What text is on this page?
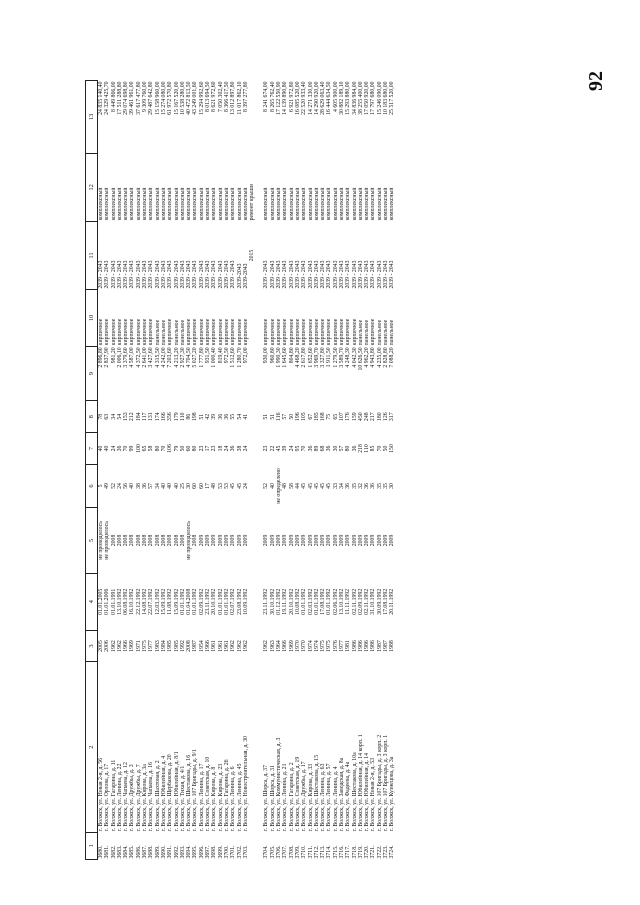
92
1	2	3	4	5	6	7	8	9	10	11	12	13
3680.	г. Волжск, ул. Новая 2-я, д. 56	2005	01.01.2005	не проводилось	5	40	78	2 896,80	кирпичное	2039 - 2043	комплексный	24 835 140,40
3681.	г. Волжск, ул. Орлова, д. 17	2006	01.01.2006	не проводилось	49	40	63	2 837,90	кирпичное	2039 - 2043	комплексный	24 329 425,70
3682.	г. Волжск, ул. Гагарина, д. 11	1962	01.01.1991	2008	52	24	34	981,20	кирпичное	2039 - 2043	комплексный	8 449 866,00
3683.	г. Волжск, ул. Ленина, д. 22	1962	13.10.1992	2008	24	36	54	2 006,10	кирпичное	2039 - 2043	комплексный	17 511 288,80
3684.	г. Волжск, ул. Чапаева, д. 12	1966	06.08.1992	2008	56	70	153	3 379,60	кирпичное	2039 - 2043	комплексный	29 074 698,80
3685.	г. Волжск, ул. Дружбы, д. 3	1969	16.10.1992	2008	40	99	212	4 587,00	кирпичное	2039 - 2043	комплексный	39 461 961,00
3686.	г. Волжск, ул. Дружбы, д. 7	1971	22.12.1992	2008	38	100	184	4 372,50	кирпичное	2039 - 2043	комплексный	37 617 477,80
3687.	г. Волжск, ул. Кирова, д. 3а	1975	14.08.1992	2008	36	65	117	2 641,00	кирпичное	2039 - 2043	комплексный	9 309 760,00
3688.	г. Волжск, ул. Чапаева, д. 16	1977	22.07.1992	2008	57	58	131	3 427,60	кирпичное	2039 - 2043	комплексный	29 487 642,80
3689.	г. Волжск, ул. Шахтовая, д. 2	1983	12.03.1992	2008	34	80	174	4 315,50	панельное	2039 - 2043	комплексный	15 158 960,00
3690.	г. Волжск, ул. Юбилейная, д. 4	1984	15.09.1992	2008	40	70	166	4 242,00	панельное	2039 - 2043	комплексный	15 274 080,00
3691.	г. Волжск, ул. Щербакова, д. 20	1985	11.08.1992	2008	40	106	356	7 203,60	кирпичное	2039 - 2043	комплексный	61 972 570,80
3692.	г. Волжск, ул. Юбилейная, д. 8/1	1985	15.09.1992	2008	40	79	179	4 213,20	панельное	2039 - 2043	комплексный	15 167 520,00
3693.	г. Волжск, ул. Тихая, д. 4/1	1992	01.01.1992	2008	25	50	110	2 927,30	панельное	2039 - 2043	комплексный	10 538 280,00
3694.	г. Волжск, ул. Шестакова, д. 16	2008	01.04.2008	не проводилось	30	60	86	4 704,50	кирпичное	2039 - 2043	комплексный	40 472 813,50
3695.	г. Волжск, ул. 107 Бригады, д. 9/1	1987	01.01.1992	2008	60	80	198	5 027,20	кирпичное	2039 - 2043	комплексный	43 249 001,60
3696.	г. Волжск, ул. Ленина, д. 17	1954	02.09.1992	2009	60	23	51	1 777,80	кирпичное	2039 - 2043	комплексный	15 294 992,60
3697.	г. Волжск, ул. Советская, д. 10	1966	23.11.1992	2009	17	17	42	931,50	кирпичное	2039 - 2043	комплексный	8 013 694,50
3698.	г. Волжск, ул. Кирова, д. 8	1961	20.10.1992	2009	48	23	39	1 000,40	кирпичное	2039 - 2043	комплексный	8 621 972,60
3699.	г. Волжск, ул. Кирова, д. 23	1961	01.01.1992	2009	53	18	36	819,40	кирпичное	2039 - 2043	комплексный	7 050 302,40
3700.	г. Волжск, ул. Гагарина, д. 26	1961	01.01.1992	2009	53	24	36	972,50	кирпичное	2039 - 2043	комплексный	8 366 417,50
3701.	г. Волжск, ул. Ленина, д. 6	1962	02.07.1992	2009	45	36	55	1 512,60	кирпичное	2039 - 2043	комплексный	13 012 897,80
3702.	г. Волжск, ул. Ленина, д. 45	1962	23.08.1992	2009	45	38	54	1 280,70	кирпичное	2039-2043	комплексный	11 017 862,10
3703.	г. Волжск, ул. Новостроительная, д. 30	1962	10.09.1992	2009	24	24	41	972,00	кирпичное	2039-2043	комплексный	8 397 277,80
										2015	ремонт крыши	

3704.	г. Волжск, ул. Шорса, д. 37	1962	23.11.1992	2009	52	23	51	930,00	кирпичное	2039 - 2043	комплексный	8 241 674,00
3705.	г. Волжск, ул. Шорса, д. 31	1963	30.10.1992	2009	40	22	51	960,80	кирпичное	2039 - 2043	комплексный	8 265 762,40
3706.	г. Волжск, ул. Коммунистическая, д. 3	1964	01.12.1992	2009	не определено	45	116	1 990,30	кирпичное	2039 - 2043	комплексный	17 122 550,90
3707.	г. Волжск, ул. Ленина, д. 21	1966	19.11.1992	2009	48	39	57	1 645,60	кирпичное	2039 - 2043	комплексный	14 139 890,80
3708.	г. Волжск, ул. Гагарина, д. 2	1969	20.10.1992	2009	58	24	50	804,80	кирпичное	2039 - 2043	комплексный	6 921 972,80
3709.	г. Волжск, ул. Советская, д. 19	1970	10.08.1992	2009	44	95	196	4 468,20	кирпичное	2039 - 2043	комплексный	16 085 520,00
3710.	г. Волжск, ул. Дружбы, д. 17	1970	01.01.1992	2009	45	70	105	2 617,80	кирпичное	2039 - 2043	комплексный	22 520 933,40
3711.	г. Волжск, ул. Кирова, д. 33	1974	02.03.1992	2009	45	36	67	1 652,60	кирпичное	2039 - 2043	комплексный	14 271 330,00
3712.	г. Волжск, ул. Шестакова, д. 15	1974	01.01.1992	2009	45	89	185	3 969,70	кирпичное	2039 - 2043	комплексный	14 290 920,00
3713.	г. Волжск, ул. Ленина, д. 63	1975	17.08.1992	2009	45	68	168	3 327,80	кирпичное	2039 - 2043	комплексный	28 629 063,40
3714.	г. Волжск, ул. Ленина, д. 57	1975	01.01.1992	2009	45	36	75	1 911,50	кирпичное	2039 - 2043	комплексный	16 444 634,50
3715.	г. Волжск, ул. Ленина, д. 4	1976	02.06.1992	2009	33	30	65	1 279,50	кирпичное	2039 - 2043	комплексный	4 605 900,00
3716.	г. Волжск, ул. Заводская, д. 8а	1977	13.10.1992	2009	34	57	107	3 589,70	кирпичное	2039 - 2043	комплексный	30 882 189,10
3717.	г. Волжск, ул. Фадеева, д. 4а	1981	11.11.1992	2009	36	80	176	4 248,30	кирпичное	2039 - 2043	комплексный	15 293 880,00
3718.	г. Волжск, ул. Шестакова, д. 10а	1986	02.11.1992	2009	35	36	159	4 042,30	кирпичное	2039 - 2043	комплексный	34 836 984,00
3719.	г. Волжск, ул. Юбилейная, д. 14 корп. 1	1986	02.09.1992	2009	32	218	450	10 626,50	панельное	2039 - 2043	комплексный	38 255 400,00
3720.	г. Волжск, ул. Юбилейная, д. 14	1986	02.11.1992	2009	36	110	248	4 962,20	панельное	2039 - 2043	комплексный	17 050 920,00
3721.	г. Волжск, ул. Новая 2-я, д. 53	1986	31.10.1992	2009	36	85	217	4 943,80	кирпичное	2039 - 2043	комплексный	17 797 680,00
3722.	г. Волжск, ул. 107 Бригады, д. 3 корп. 2	1987	30.09.1992	2009	35	70	180	4 235,00	панельное	2039 - 2043	комплексный	15 246 090,00
3723.	г. Волжск, ул. 107 Бригады, д. 3 корп. 1	1987	17.08.1992	2009	35	50	126	2 828,80	панельное	2039 - 2043	комплексный	10 183 680,00
3724.	г. Волжск, ул. Кузнецова, д. 3а	1988	20.11.1992	2009	30	150	317	7 088,20	панельное	2039 - 2043	комплексный	25 517 520,00
